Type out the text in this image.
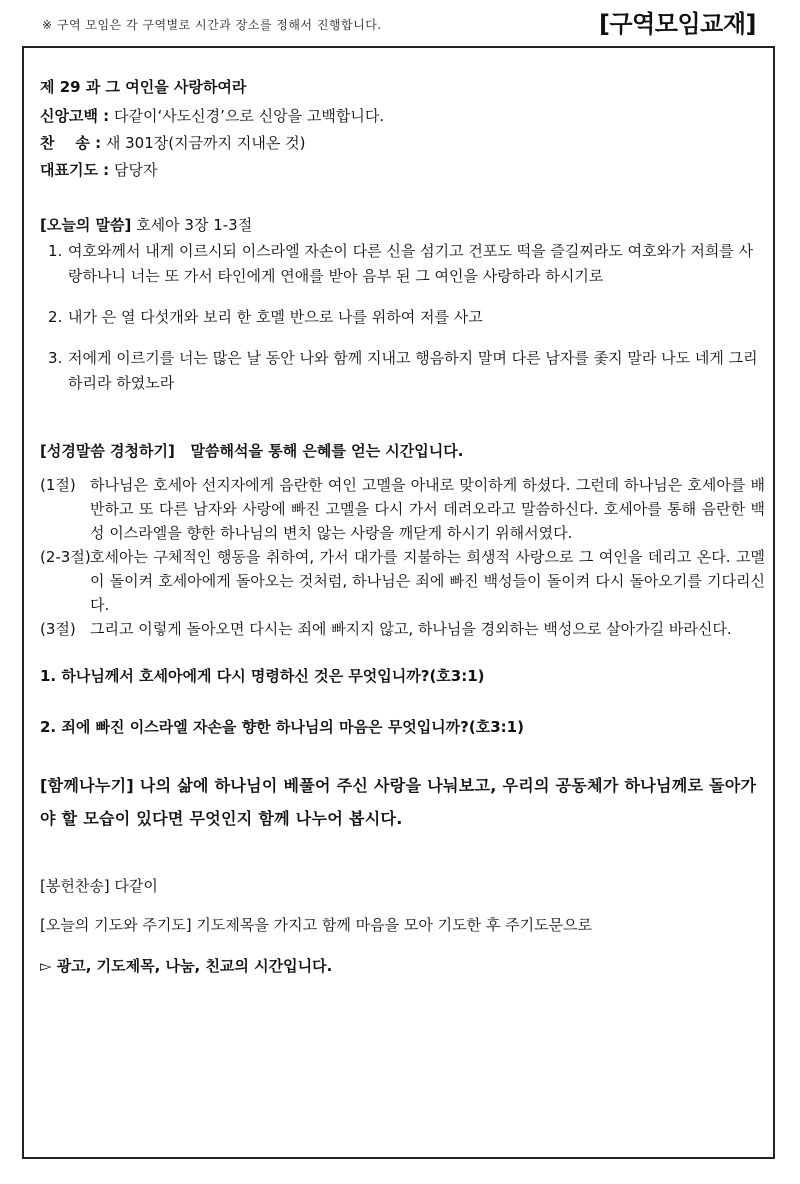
※ 구역 모임은 각 구역별로 시간과 장소를 정해서 진행합니다.	[구역모임교재]
제 29 과 그 여인을 사랑하여라
신앙고백 : 다같이‘사도신경’으로 신앙을 고백합니다.
찬    송 : 새 301장(지금까지 지내온 것)
대표기도 : 담당자
[오늘의 말씀] 호세아 3장 1-3절
1. 여호와께서 내게 이르시되 이스라엘 자손이 다른 신을 섬기고 건포도 떡을 즐길찌라도 여호와가 저희를 사랑하나니 너는 또 가서 타인에게 연애를 받아 음부 된 그 여인을 사랑하라 하시기로
2. 내가 은 열 다섯개와 보리 한 호멜 반으로 나를 위하여 저를 사고
3. 저에게 이르기를 너는 많은 날 동안 나와 함께 지내고 행음하지 말며 다른 남자를 좇지 말라 나도 네게 그리하리라 하였노라
[성경말씀 경청하기] 말씀해석을 통해 은혜를 얻는 시간입니다.
(1절) 하나님은 호세아 선지자에게 음란한 여인 고멜을 아내로 맞이하게 하셨다. 그런데 하나님은 호세아를 배반하고 또 다른 남자와 사랑에 빠진 고멜을 다시 가서 데려오라고 말씀하신다. 호세아를 통해 음란한 백성 이스라엘을 향한 하나님의 변치 않는 사랑을 깨닫게 하시기 위해서였다.
(2-3절) 호세아는 구체적인 행동을 취하여, 가서 대가를 지불하는 희생적 사랑으로 그 여인을 데리고 온다. 고멜이 돌이켜 호세아에게 돌아오는 것처럼, 하나님은 죄에 빠진 백성들이 돌이켜 다시 돌아오기를 기다리신다.
(3절) 그리고 이렇게 돌아오면 다시는 죄에 빠지지 않고, 하나님을 경외하는 백성으로 살아가길 바라신다.
1. 하나님께서 호세아에게 다시 명령하신 것은 무엇입니까?(호3:1)
2. 죄에 빠진 이스라엘 자손을 향한 하나님의 마음은 무엇입니까?(호3:1)
[함께나누기] 나의 삶에 하나님이 베풀어 주신 사랑을 나눠보고, 우리의 공동체가 하나님께로 돌아가야 할 모습이 있다면 무엇인지 함께 나누어 봅시다.
[봉헌찬송] 다같이
[오늘의 기도와 주기도] 기도제목을 가지고 함께 마음을 모아 기도한 후 주기도문으로
▻ 광고, 기도제목, 나눔, 친교의 시간입니다.
